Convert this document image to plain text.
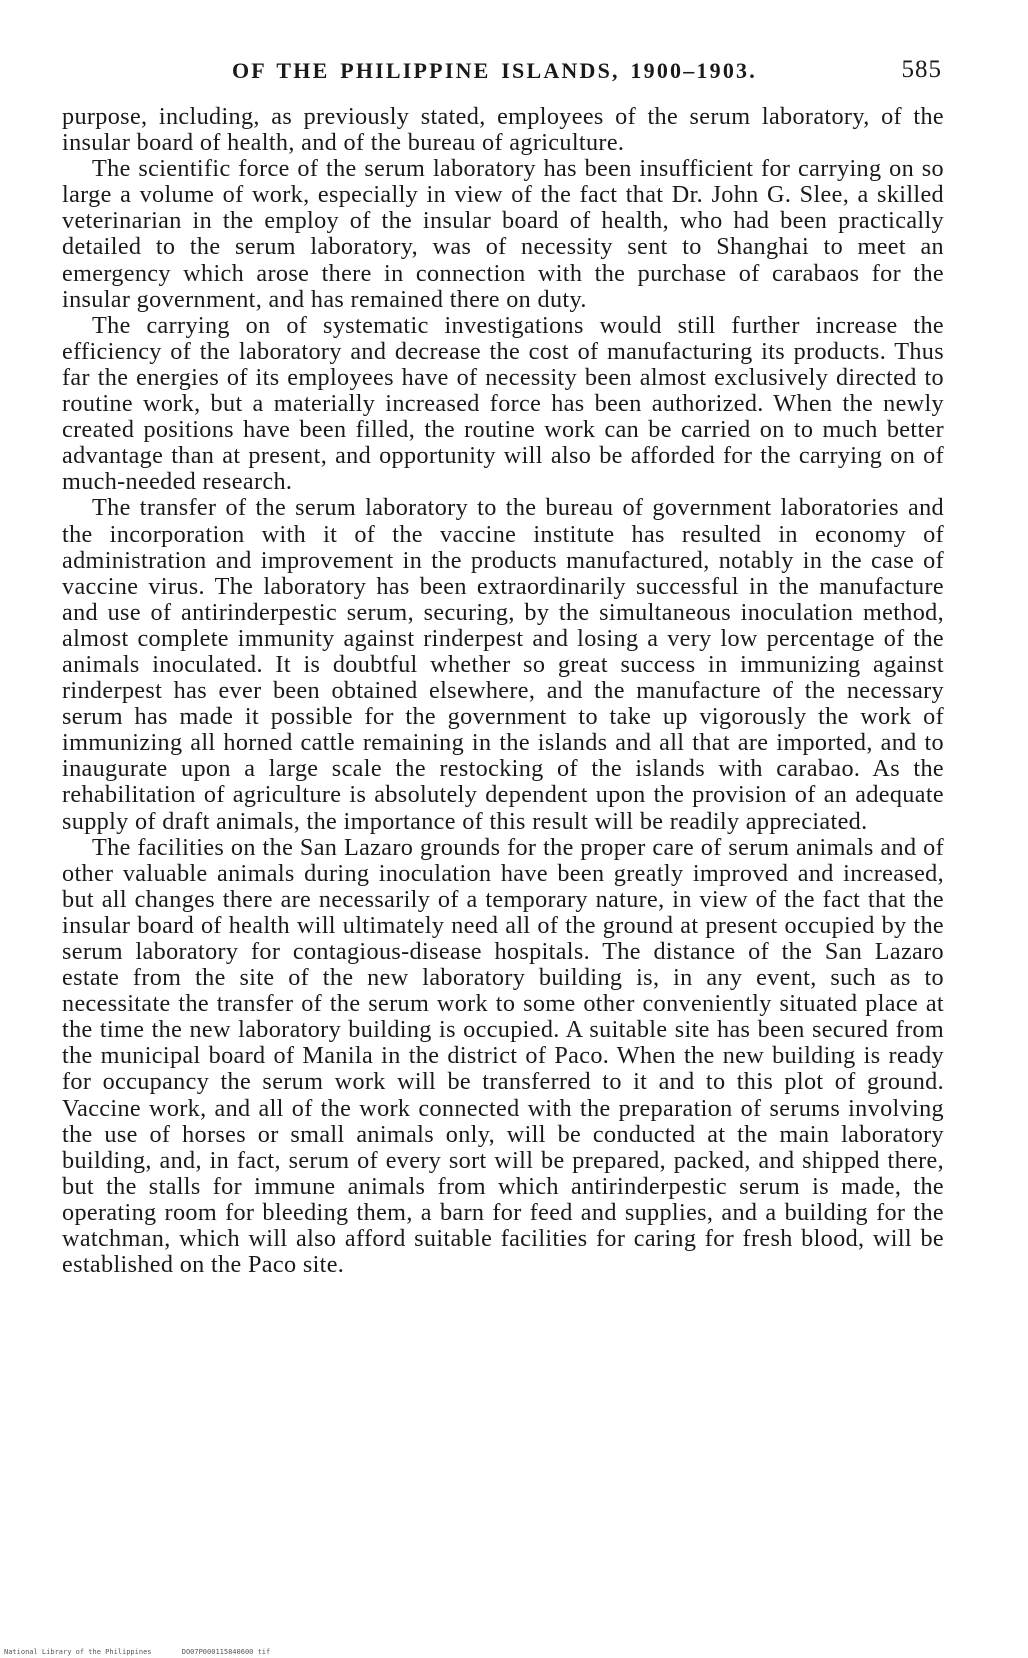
OF THE PHILIPPINE ISLANDS, 1900–1903.	585

purpose, including, as previously stated, employees of the serum laboratory, of the insular board of health, and of the bureau of agriculture.

The scientific force of the serum laboratory has been insufficient for carrying on so large a volume of work, especially in view of the fact that Dr. John G. Slee, a skilled veterinarian in the employ of the insular board of health, who had been practically detailed to the serum laboratory, was of necessity sent to Shanghai to meet an emergency which arose there in connection with the purchase of carabaos for the insular government, and has remained there on duty.

The carrying on of systematic investigations would still further increase the efficiency of the laboratory and decrease the cost of manufacturing its products. Thus far the energies of its employees have of necessity been almost exclusively directed to routine work, but a materially increased force has been authorized. When the newly created positions have been filled, the routine work can be carried on to much better advantage than at present, and opportunity will also be afforded for the carrying on of much-needed research.

The transfer of the serum laboratory to the bureau of government laboratories and the incorporation with it of the vaccine institute has resulted in economy of administration and improvement in the products manufactured, notably in the case of vaccine virus. The laboratory has been extraordinarily successful in the manufacture and use of antirinderpestic serum, securing, by the simultaneous inoculation method, almost complete immunity against rinderpest and losing a very low percentage of the animals inoculated. It is doubtful whether so great success in immunizing against rinderpest has ever been obtained elsewhere, and the manufacture of the necessary serum has made it possible for the government to take up vigorously the work of immunizing all horned cattle remaining in the islands and all that are imported, and to inaugurate upon a large scale the restocking of the islands with carabao. As the rehabilitation of agriculture is absolutely dependent upon the provision of an adequate supply of draft animals, the importance of this result will be readily appreciated.

The facilities on the San Lazaro grounds for the proper care of serum animals and of other valuable animals during inoculation have been greatly improved and increased, but all changes there are necessarily of a temporary nature, in view of the fact that the insular board of health will ultimately need all of the ground at present occupied by the serum laboratory for contagious-disease hospitals. The distance of the San Lazaro estate from the site of the new laboratory building is, in any event, such as to necessitate the transfer of the serum work to some other conveniently situated place at the time the new laboratory building is occupied. A suitable site has been secured from the municipal board of Manila in the district of Paco. When the new building is ready for occupancy the serum work will be transferred to it and to this plot of ground. Vaccine work, and all of the work connected with the preparation of serums involving the use of horses or small animals only, will be conducted at the main laboratory building, and, in fact, serum of every sort will be prepared, packed, and shipped there, but the stalls for immune animals from which antirinderpestic serum is made, the operating room for bleeding them, a barn for feed and supplies, and a building for the watchman, which will also afford suitable facilities for caring for fresh blood, will be established on the Paco site.

National Library of the Philippines	DO07P000115840600 tif
